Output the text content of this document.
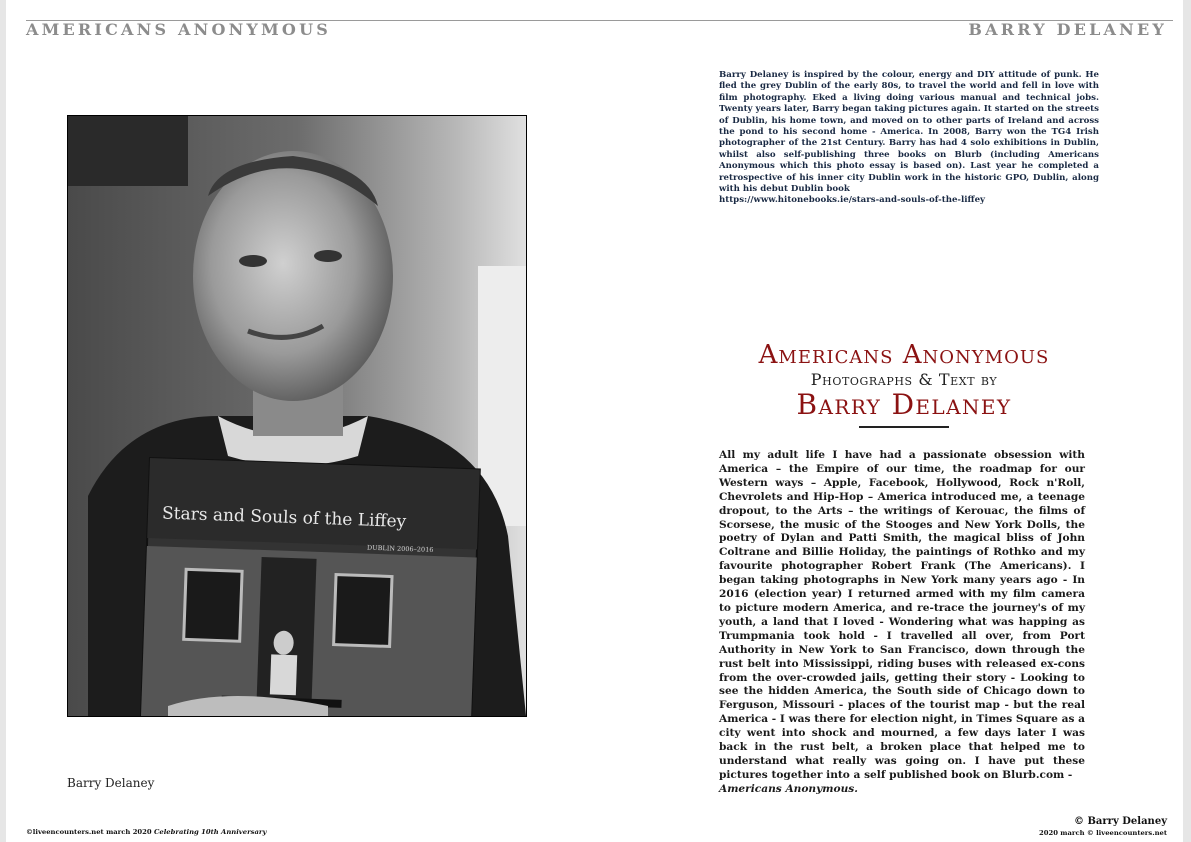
AMERICANS ANONYMOUS	BARRY DELANEY
Stars and Souls of the Liffey
DUBLIN 2006–2016
Barry Delaney
Barry Delaney is inspired by the colour, energy and DIY attitude of punk. He fled the grey Dublin of the early 80s, to travel the world and fell in love with film photography. Eked a living doing various manual and technical jobs. Twenty years later, Barry began taking pictures again. It started on the streets of Dublin, his home town, and moved on to other parts of Ireland and across the pond to his second home - America. In 2008, Barry won the TG4 Irish photographer of the 21st Century. Barry has had 4 solo exhibitions in Dublin, whilst also self-publishing three books on Blurb (including Americans Anonymous which this photo essay is based on). Last year he completed a retrospective of his inner city Dublin work in the historic GPO, Dublin, along with his debut Dublin book
https://www.hitonebooks.ie/stars-and-souls-of-the-liffey
Americans Anonymous
Photographs & Text by
Barry Delaney
All my adult life I have had a passionate obsession with America – the Empire of our time, the roadmap for our Western ways – Apple, Facebook, Hollywood, Rock n'Roll, Chevrolets and Hip-Hop – America introduced me, a teenage dropout, to the Arts – the writings of Kerouac, the films of Scorsese, the music of the Stooges and New York Dolls, the poetry of Dylan and Patti Smith, the magical bliss of John Coltrane and Billie Holiday, the paintings of Rothko and my favourite photographer Robert Frank (The Americans). I began taking photographs in New York many years ago - In 2016 (election year) I returned armed with my film camera to picture modern America, and re-trace the journey's of my youth, a land that I loved - Wondering what was happing as Trumpmania took hold - I travelled all over, from Port Authority in New York to San Francisco, down through the rust belt into Mississippi, riding buses with released ex-cons from the over-crowded jails, getting their story - Looking to see the hidden America, the South side of Chicago down to Ferguson, Missouri - places of the tourist map - but the real America - I was there for election night, in Times Square as a city went into shock and mourned, a few days later I was back in the rust belt, a broken place that helped me to understand what really was going on. I have put these pictures together into a self published book on Blurb.com -
Americans Anonymous.
©liveencounters.net march 2020 Celebrating 10th Anniversary
© Barry Delaney
2020 march © liveencounters.net
